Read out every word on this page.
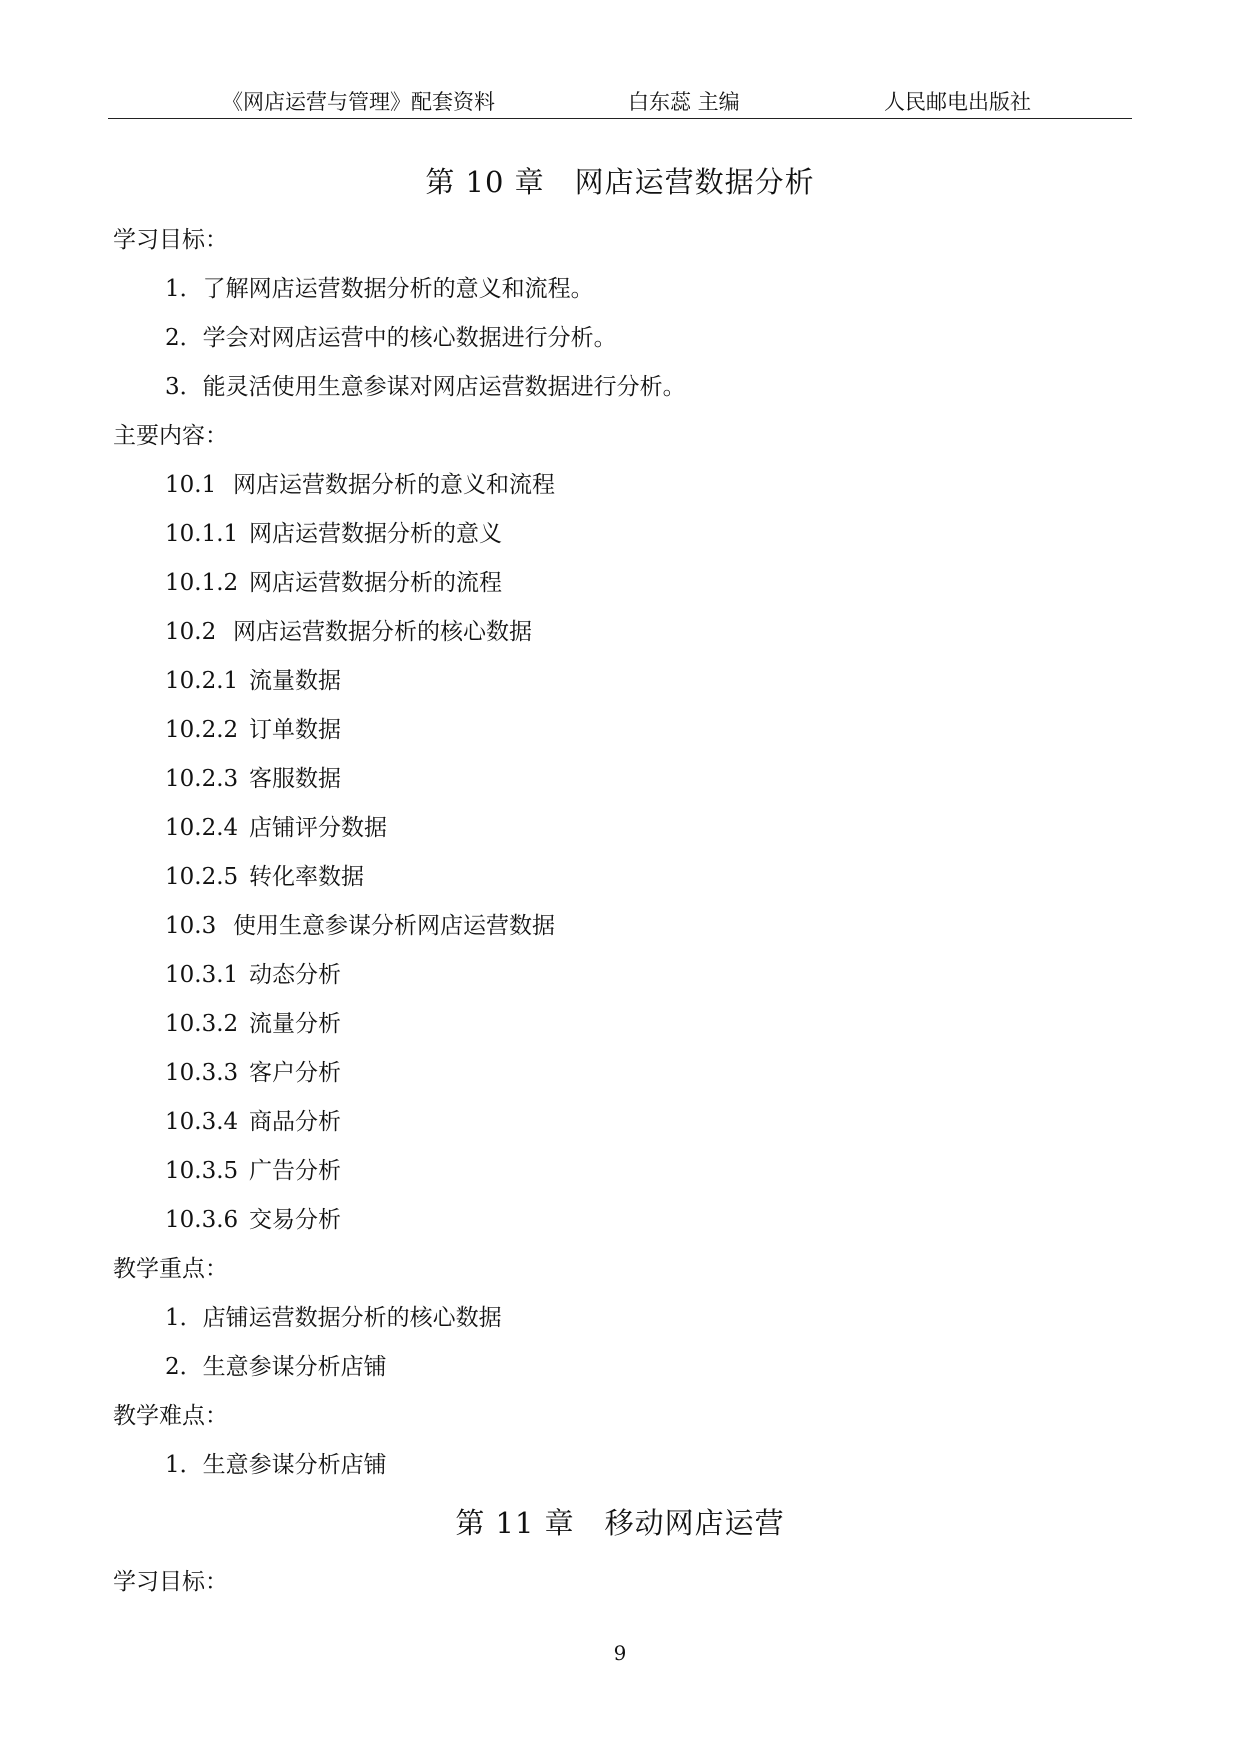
《网店运营与管理》配套资料	白东蕊 主编	人民邮电出版社
第 10 章　 网店运营数据分析
学习目标：
1．了解网店运营数据分析的意义和流程。
2．学会对网店运营中的核心数据进行分析。
3．能灵活使用生意参谋对网店运营数据进行分析。
主要内容：
10.1 网店运营数据分析的意义和流程
10.1.1 网店运营数据分析的意义
10.1.2 网店运营数据分析的流程
10.2 网店运营数据分析的核心数据
10.2.1 流量数据
10.2.2 订单数据
10.2.3 客服数据
10.2.4 店铺评分数据
10.2.5 转化率数据
10.3 使用生意参谋分析网店运营数据
10.3.1 动态分析
10.3.2 流量分析
10.3.3 客户分析
10.3.4 商品分析
10.3.5 广告分析
10.3.6 交易分析
教学重点：
1．店铺运营数据分析的核心数据
2．生意参谋分析店铺
教学难点：
1．生意参谋分析店铺
第 11 章　 移动网店运营
学习目标：
9
